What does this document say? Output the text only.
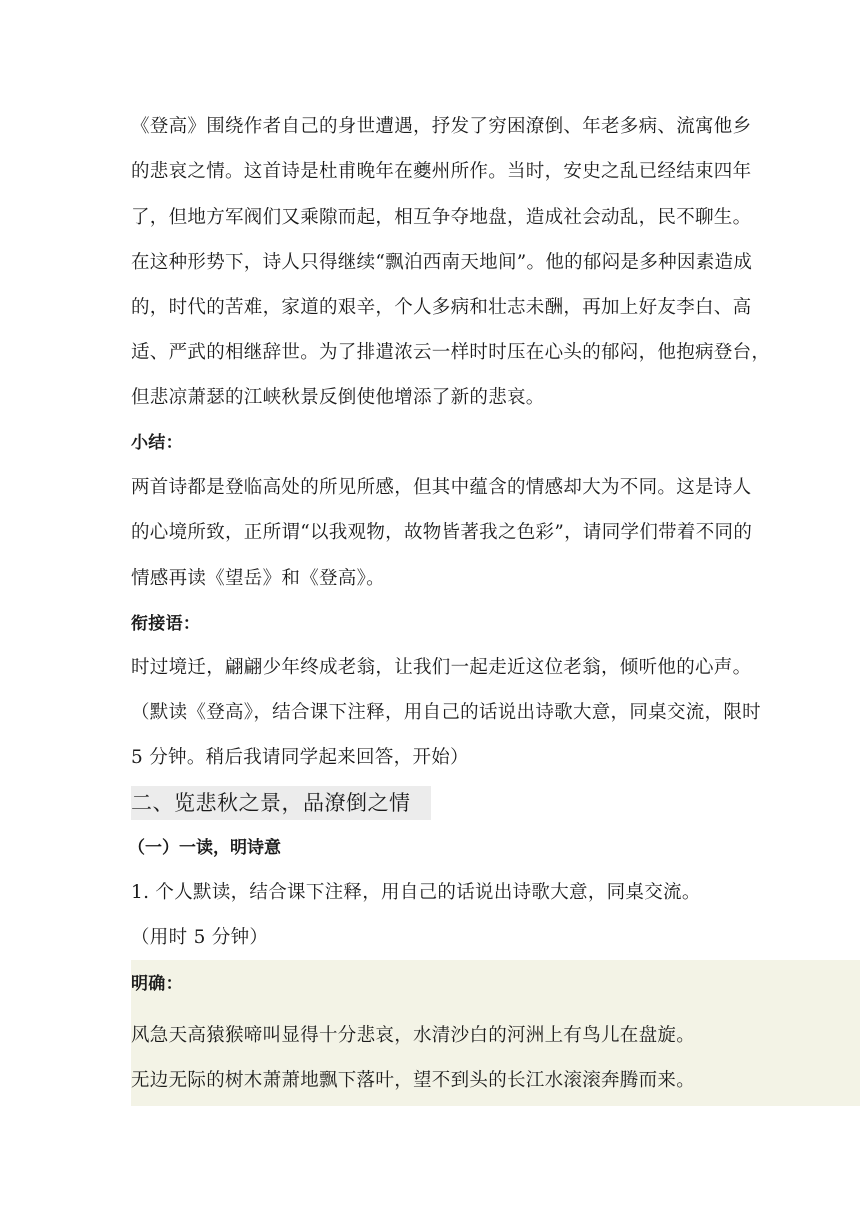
《登高》围绕作者自己的身世遭遇，抒发了穷困潦倒、年老多病、流寓他乡
的悲哀之情。这首诗是杜甫晚年在夔州所作。当时，安史之乱已经结束四年
了，但地方军阀们又乘隙而起，相互争夺地盘，造成社会动乱，民不聊生。
在这种形势下，诗人只得继续“飘泊西南天地间”。他的郁闷是多种因素造成
的，时代的苦难，家道的艰辛，个人多病和壮志未酬，再加上好友李白、高
适、严武的相继辞世。为了排遣浓云一样时时压在心头的郁闷，他抱病登台，
但悲凉萧瑟的江峡秋景反倒使他增添了新的悲哀。
小结：
两首诗都是登临高处的所见所感，但其中蕴含的情感却大为不同。这是诗人
的心境所致，正所谓“以我观物，故物皆著我之色彩”，请同学们带着不同的
情感再读《望岳》和《登高》。
衔接语：
时过境迁，翩翩少年终成老翁，让我们一起走近这位老翁，倾听他的心声。
（默读《登高》，结合课下注释，用自己的话说出诗歌大意，同桌交流，限时
5 分钟。稍后我请同学起来回答，开始）
二、览悲秋之景，品潦倒之情
（一）一读，明诗意
1. 个人默读，结合课下注释，用自己的话说出诗歌大意，同桌交流。
（用时 5 分钟）
明确：
风急天高猿猴啼叫显得十分悲哀，水清沙白的河洲上有鸟儿在盘旋。
无边无际的树木萧萧地飘下落叶，望不到头的长江水滚滚奔腾而来。
